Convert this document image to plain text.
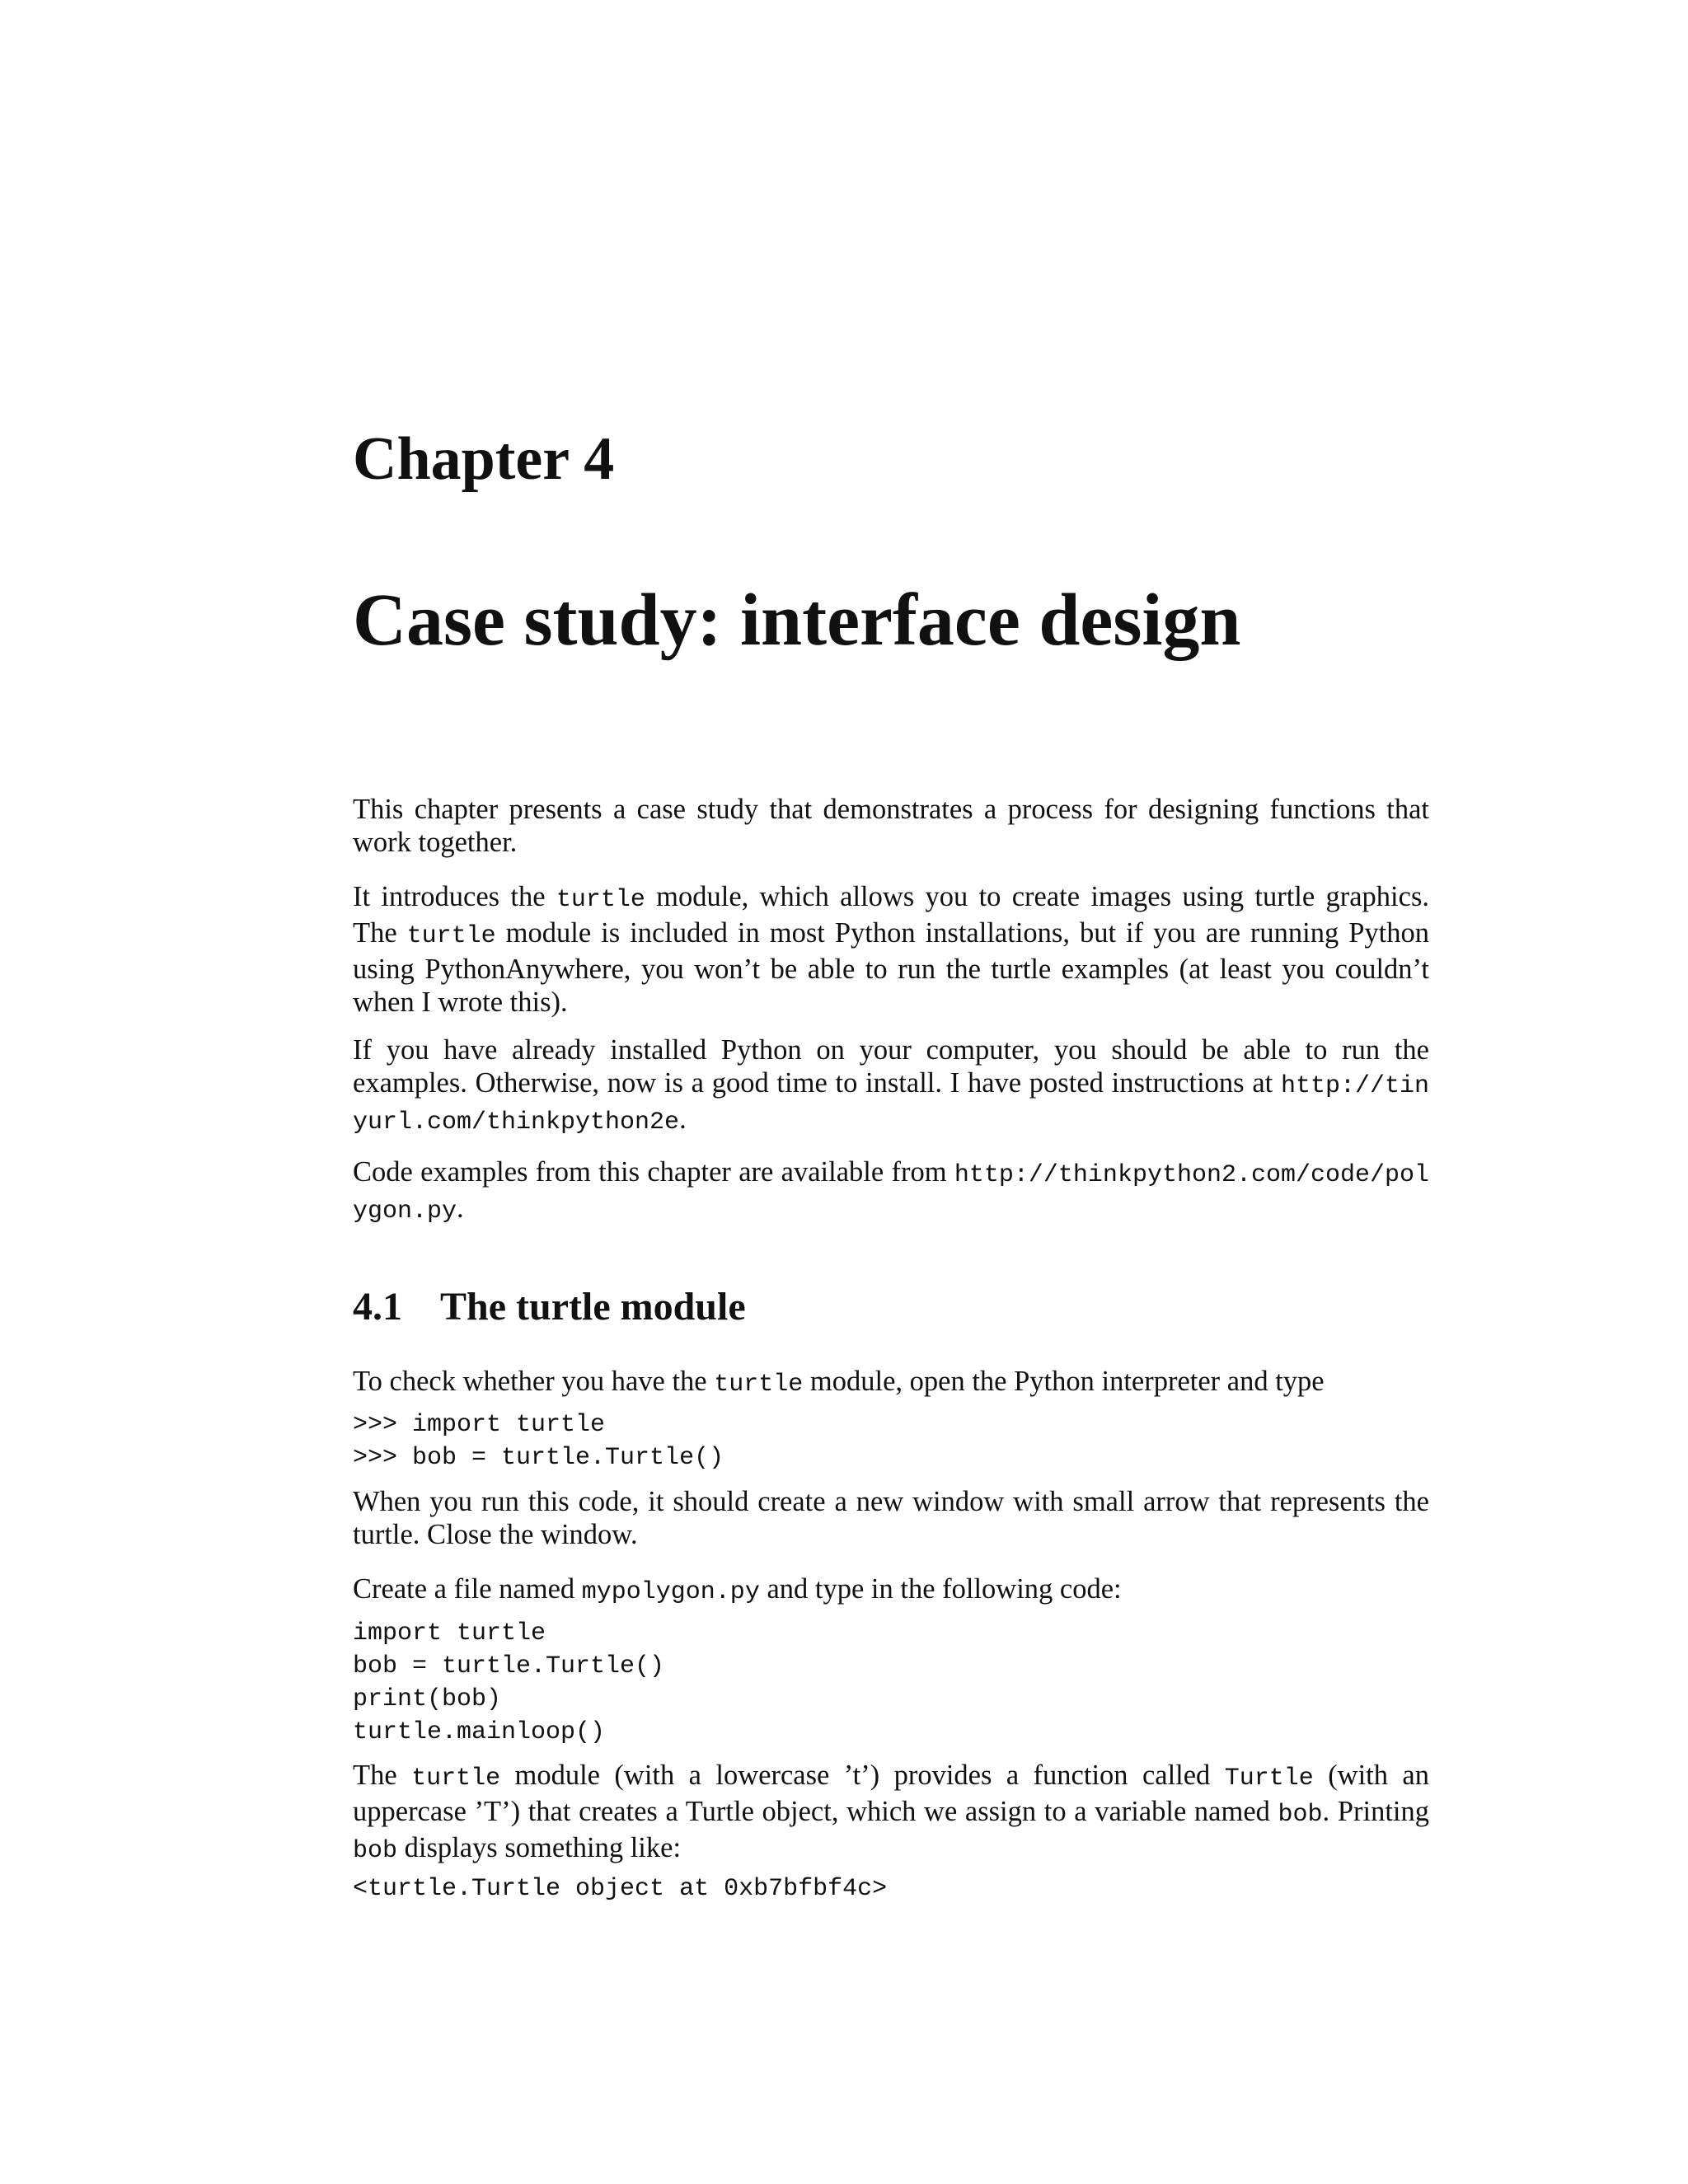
Chapter 4
Case study: interface design

This chapter presents a case study that demonstrates a process for designing functions that work together.

It introduces the turtle module, which allows you to create images using turtle graphics. The turtle module is included in most Python installations, but if you are running Python using PythonAnywhere, you won’t be able to run the turtle examples (at least you couldn’t when I wrote this).

If you have already installed Python on your computer, you should be able to run the examples. Otherwise, now is a good time to install. I have posted instructions at http://tinyurl.com/thinkpython2e.

Code examples from this chapter are available from http://thinkpython2.com/code/polygon.py.

4.1 The turtle module

To check whether you have the turtle module, open the Python interpreter and type

>>> import turtle
>>> bob = turtle.Turtle()

When you run this code, it should create a new window with small arrow that represents the turtle. Close the window.

Create a file named mypolygon.py and type in the following code:

import turtle
bob = turtle.Turtle()
print(bob)
turtle.mainloop()

The turtle module (with a lowercase ’t’) provides a function called Turtle (with an uppercase ’T’) that creates a Turtle object, which we assign to a variable named bob. Printing bob displays something like:

<turtle.Turtle object at 0xb7bfbf4c>
